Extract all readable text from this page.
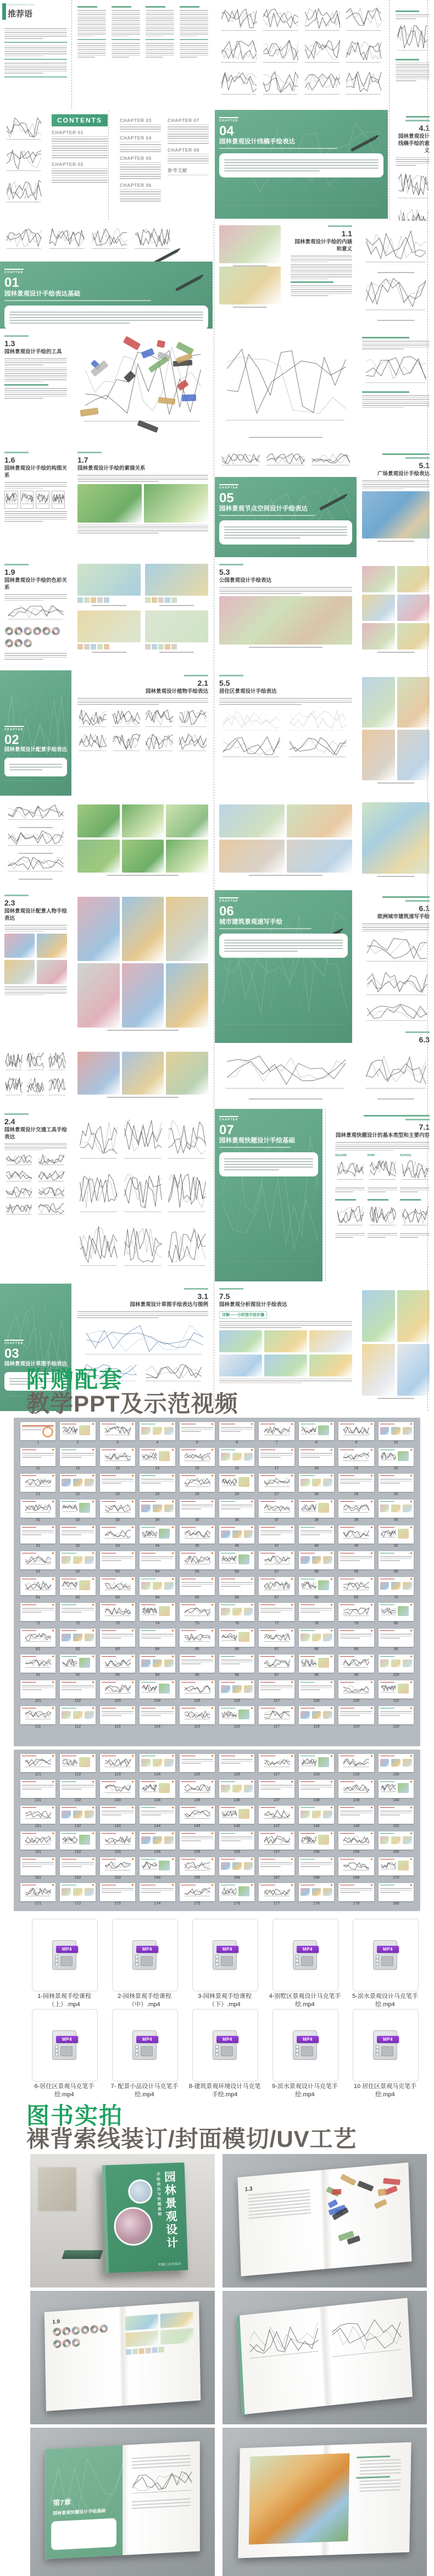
RECOMMENDATION
推荐语
CONTENTS
CHAPTER 01
CHAPTER 02
CHAPTER 03
CHAPTER 04
CHAPTER 05
CHAPTER 06
CHAPTER 07
CHAPTER 08
参考文献
CHAPTER
04
园林景观设计线稿手绘表达
4.1
园林景观设计线稿手绘的意义
CHAPTER
01
园林景观设计手绘表达基础
1.1
园林景观设计手绘的内涵和意义
1.3
园林景观设计手绘的工具
1.6
园林景观设计手绘的构图关系
1.7
园林景观设计手绘的素描关系
CHAPTER
05
园林景观节点空间设计手绘表达
5.1
广场景观设计手绘表达
1.9
园林景观设计手绘的色彩关系
5.3
公园景观设计手绘表达
CHAPTER
02
园林景观设计配景手绘表达
2.1
园林景观设计植物手绘表达
5.5
居住区景观设计手绘表达
2.3
园林景观设计配景人物手绘表达
CHAPTER
06
城市建筑景观速写手绘
6.1
欧洲城市建筑速写手绘
6.3
2.4
园林景观设计交通工具手绘表达
CHAPTER
07
园林景观快题设计手绘基础
7.1
园林景观快题设计的基本类型和主要内容
SQUARE	PARK	SCHOOL
CHAPTER
03
园林景观设计草图手绘表达
3.1
园林景观设计草图手绘表达与图例
7.5
园林景观分析图设计手绘表达
详解——分析图手绘步骤
附赠配套
教学PPT及示范视频
1	2	3	4	5	6	7	8	9	10
11	12	13	14	15	16	17	18	19	20
21	22	23	24	25	26	27	28	29	30
31	32	33	34	35	36	37	38	39	40
41	42	43	44	45	46	47	48	49	50
51	52	53	54	55	56	57	58	59	60
61	62	63	64	65	66	67	68	69	70
71	72	73	74	75	76	77	78	79	80
81	82	83	84	85	86	87	88	89	90
91	92	93	94	95	96	97	98	99	100
101	102	103	104	105	106	107	108	109	110
111	112	113	114	115	116	117	118	119	120
121	122	123	124	125	126	127	128	129	130
131	132	133	134	135	136	137	138	139	140
141	142	143	144	145	146	147	148	149	150
151	152	153	154	155	156	157	158	159	160
161	162	163	164	165	166	167	168	169	170
171	172	173	174	175	176	177	178	179	180
MP4
1-园林景观手绘课程（上）.mp4
MP4
2-园林景观手绘课程（中）.mp4
MP4
3-园林景观手绘课程（下）.mp4
MP4
4-别墅区景观设计马克笔手绘.mp4
MP4
5-滨水景观设计马克笔手绘.mp4
MP4
6-居住区景观马克笔手绘.mp4
MP4
7- 配景小品设计马克笔手绘.mp4
MP4
8-建筑景观环境设计马克笔手绘.mp4
MP4
9-滨水景观设计马克笔手绘.mp4
MP4
10 居住区景观马克笔手绘.mp4
图书实拍
裸背索线装订/封面模切/UV工艺
园林景观设计
手绘表达与快题基础
机械工业出版社
1.3
1.9
第7章
园林景观快题设计手绘基础
